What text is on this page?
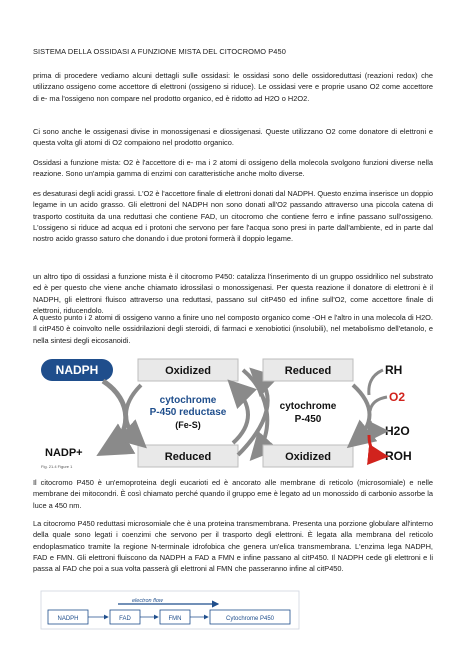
SISTEMA DELLA OSSIDASI A FUNZIONE MISTA DEL CITOCROMO P450

prima di procedere vediamo alcuni dettagli sulle ossidasi: le ossidasi sono delle ossidoreduttasi (reazioni redox) che utilizzano ossigeno come accettore di elettroni (ossigeno si riduce). Le ossidasi vere e proprie usano O2 come accettore di e- ma l'ossigeno non compare nel prodotto organico, ed è ridotto ad H2O o H2O2.

Ci sono anche le ossigenasi divise in monossigenasi e diossigenasi. Queste utilizzano O2 come donatore di elettroni e questa volta gli atomi di O2 compaiono nel prodotto organico.

Ossidasi a funzione mista: O2 è l'accettore di e- ma i 2 atomi di ossigeno della molecola svolgono funzioni diverse nella reazione. Sono un'ampia gamma di enzimi con caratteristiche anche molto diverse.

es desaturasi degli acidi grassi. L'O2 è l'accettore finale di elettroni donati dal NADPH. Questo enzima inserisce un doppio legame in un acido grasso. Gli elettroni del NADPH non sono donati all'O2 passando attraverso una piccola catena di trasporto costituita da una reduttasi che contiene FAD, un citocromo che contiene ferro e infine passano sull'ossigeno. L'ossigeno si riduce ad acqua ed i protoni che servono per fare l'acqua sono presi in parte dall'ambiente, ed in parte dal nostro acido grasso saturo che donando i due protoni formerà il doppio legame.

un altro tipo di ossidasi a funzione mista è il citocromo P450: catalizza l'inserimento di un gruppo ossidrilico nel substrato ed è per questo che viene anche chiamato idrossilasi o monossigenasi. Per questa reazione il donatore di elettroni è il NADPH, gli elettroni fluisco attraverso una reduttasi, passano sul citP450 ed infine sull'O2, come accettore finale di elettroni, riducendolo.

A questo punto i 2 atomi di ossigeno vanno a finire uno nel composto organico come -OH e l'altro in una molecola di H2O. Il citP450 è coinvolto nelle ossidrilazioni degli steroidi, di farmaci e xenobiotici (insolubili), nel metabolismo dell'etanolo, e nella sintesi degli eicosanoidi.

NADPH
NADP+
Fig. 21.4 Figure 1
Oxidized
Reduced
cytochrome
P-450 reductase
(Fe-S)
Reduced
Oxidized
cytochrome
P-450
RH
O2
H2O
ROH

Il citocromo P450 è un'emoproteina degli eucarioti ed è ancorato alle membrane di reticolo (microsomiale) e nelle membrane dei mitocondri. È così chiamato perché quando il gruppo eme è legato ad un monossido di carbonio assorbe la luce a 450 nm.

La citocromo P450 reduttasi microsomiale che è una proteina transmembrana. Presenta una porzione globulare all'interno della quale sono legati i coenzimi che servono per il trasporto degli elettroni. È legata alla membrana del reticolo endoplasmatico tramite la regione N-terminale idrofobica che genera un'elica transmembrana. L'enzima lega NADPH, FAD e FMN. Gli elettroni fluiscono da NADPH a FAD a FMN e infine passano al citP450. Il NADPH cede gli elettroni e li passa al FAD che poi a sua volta passerà gli elettroni al FMN che passeranno infine al citP450.

electron flow
NADPH	FAD	FMN	Cytochrome P450
